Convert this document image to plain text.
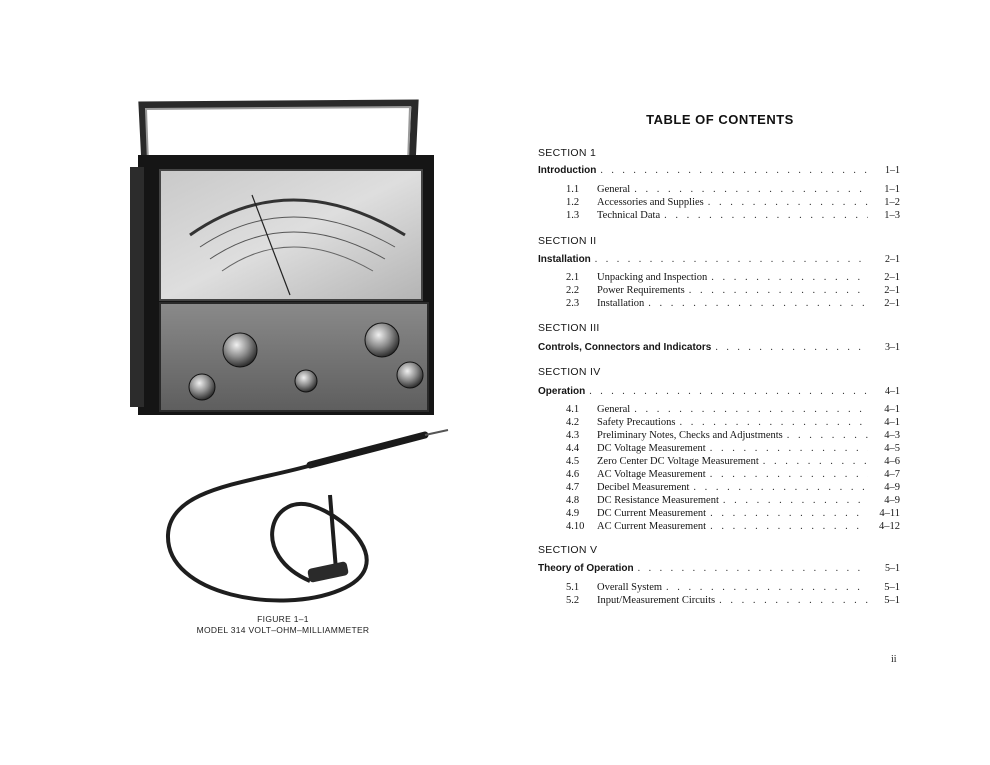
FIGURE 1–1
MODEL 314 VOLT–OHM–MILLIAMMETER
TABLE OF CONTENTS
SECTION 1
Introduction . . .	1–1
1.1	General . . .	1–1
1.2	Accessories and Supplies . . .	1–2
1.3	Technical Data . . .	1–3
SECTION II
Installation . . .	2–1
2.1	Unpacking and Inspection . . .	2–1
2.2	Power Requirements . . .	2–1
2.3	Installation . . .	2–1
SECTION III
Controls, Connectors and Indicators . . .	3–1
SECTION IV
Operation . . .	4–1
4.1	General . . .	4–1
4.2	Safety Precautions . . .	4–1
4.3	Preliminary Notes, Checks and Adjustments . . .	4–3
4.4	DC Voltage Measurement . . .	4–5
4.5	Zero Center DC Voltage Measurement . . .	4–6
4.6	AC Voltage Measurement . . .	4–7
4.7	Decibel Measurement . . .	4–9
4.8	DC Resistance Measurement . . .	4–9
4.9	DC Current Measurement . . .	4–11
4.10	AC Current Measurement . . .	4–12
SECTION V
Theory of Operation . . .	5–1
5.1	Overall System . . .	5–1
5.2	Input/Measurement Circuits . . .	5–1
ii
